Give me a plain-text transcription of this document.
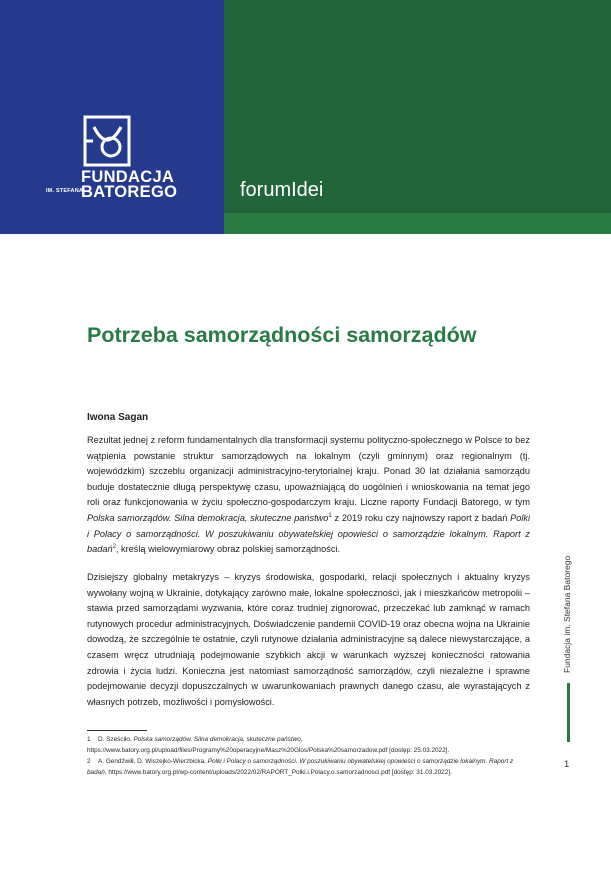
IM. STEFANA
FUNDACJA
BATOREGO	forumIdei
Potrzeba samorządności samorządów

Iwona Sagan

Rezultat jednej z reform fundamentalnych dla transformacji systemu polityczno-społecznego w Polsce to bez wątpienia powstanie struktur samorządowych na lokalnym (czyli gminnym) oraz regionalnym (tj. wojewódzkim) szczeblu organizacji administracyjno-terytorialnej kraju. Ponad 30 lat działania samorządu buduje dostatecznie długą perspektywę czasu, upoważniającą do uogólnień i wnioskowania na temat jego roli oraz funkcjonowania w życiu społeczno-gospodarczym kraju. Liczne raporty Fundacji Batorego, w tym Polska samorządów. Silna demokracja, skuteczne państwo$^1$ z 2019 roku czy najnowszy raport z badań Polki i Polacy o samorządności. W poszukiwaniu obywatelskiej opowieści o samorządzie lokalnym. Raport z badań$^2$, kreślą wielowymiarowy obraz polskiej samorządności.

Dzisiejszy globalny metakryzys – kryzys środowiska, gospodarki, relacji społecznych i aktualny kryzys wywołany wojną w Ukrainie, dotykający zarówno małe, lokalne społeczności, jak i mieszkańców metropolii – stawia przed samorządami wyzwania, które coraz trudniej zignorować, przeczekać lub zamknąć w ramach rutynowych procedur administracyjnych. Doświadczenie pandemii COVID-19 oraz obecna wojna na Ukrainie dowodzą, że szczególnie te ostatnie, czyli rutynowe działania administracyjne są dalece niewystarczające, a czasem wręcz utrudniają podejmowanie szybkich akcji w warunkach wyższej konieczności ratowania zdrowia i życia ludzi. Konieczna jest natomiast samorządność samorządów, czyli niezależne i sprawne podejmowanie decyzji dopuszczalnych w uwarunkowaniach prawnych danego czasu, ale wyrastających z własnych potrzeb, możliwości i pomysłowości.

1 D. Sześciło, Polska samorządów. Silna demokracja, skuteczne państwo, https://www.batory.org.pl/upload/files/Programy%20operacyjne/Masz%20Glos/Polska%20samorzadow.pdf [dostęp: 25.03.2022].

2 A. Gendźwiłł, D. Wiszejko-Wierzbicka, Polki i Polacy o samorządności. W poszukiwaniu obywatelskiej opowieści o samorządzie lokalnym. Raport z badań, https://www.batory.org.pl/wp-content/uploads/2022/02/RAPORT_Polki.i.Polacy.o.samorzadnosci.pdf [dostęp: 31.03.2022].

Fundacja im. Stefana Batorego
1
